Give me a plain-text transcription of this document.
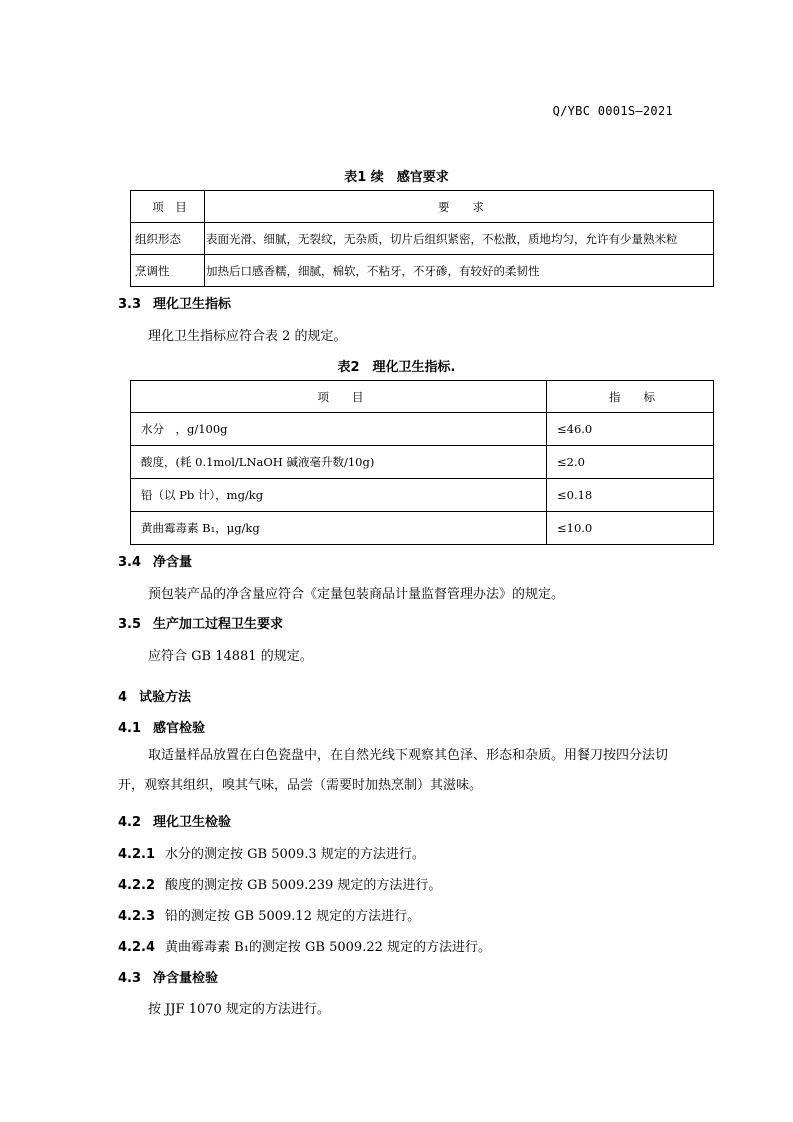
Q/YBC 0001S—2021
表1 续　感官要求
项　目	要　　求
组织形态	表面光滑、细腻，无裂纹，无杂质，切片后组织紧密，不松散，质地均匀，允许有少量熟米粒
烹调性	加热后口感香糯，细腻，棉软，不粘牙，不牙碜，有较好的柔韧性
3.3 理化卫生指标
理化卫生指标应符合表 2 的规定。
表2　理化卫生指标.
项　　目	指　　标
水分　，g/100g	≤46.0
酸度，(耗 0.1mol/LNaOH 碱液毫升数/10g)	≤2.0
铅（以 Pb 计），mg/kg	≤0.18
黄曲霉毒素 B₁，μg/kg	≤10.0
3.4 净含量
预包装产品的净含量应符合《定量包装商品计量监督管理办法》的规定。
3.5 生产加工过程卫生要求
应符合 GB 14881 的规定。
4 试验方法
4.1 感官检验
取适量样品放置在白色瓷盘中，在自然光线下观察其色泽、形态和杂质。用餐刀按四分法切开，观察其组织，嗅其气味，品尝（需要时加热烹制）其滋味。
4.2 理化卫生检验
4.2.1 水分的测定按 GB 5009.3 规定的方法进行。
4.2.2 酸度的测定按 GB 5009.239 规定的方法进行。
4.2.3 铅的测定按 GB 5009.12 规定的方法进行。
4.2.4 黄曲霉毒素 B₁的测定按 GB 5009.22 规定的方法进行。
4.3 净含量检验
按 JJF 1070 规定的方法进行。
